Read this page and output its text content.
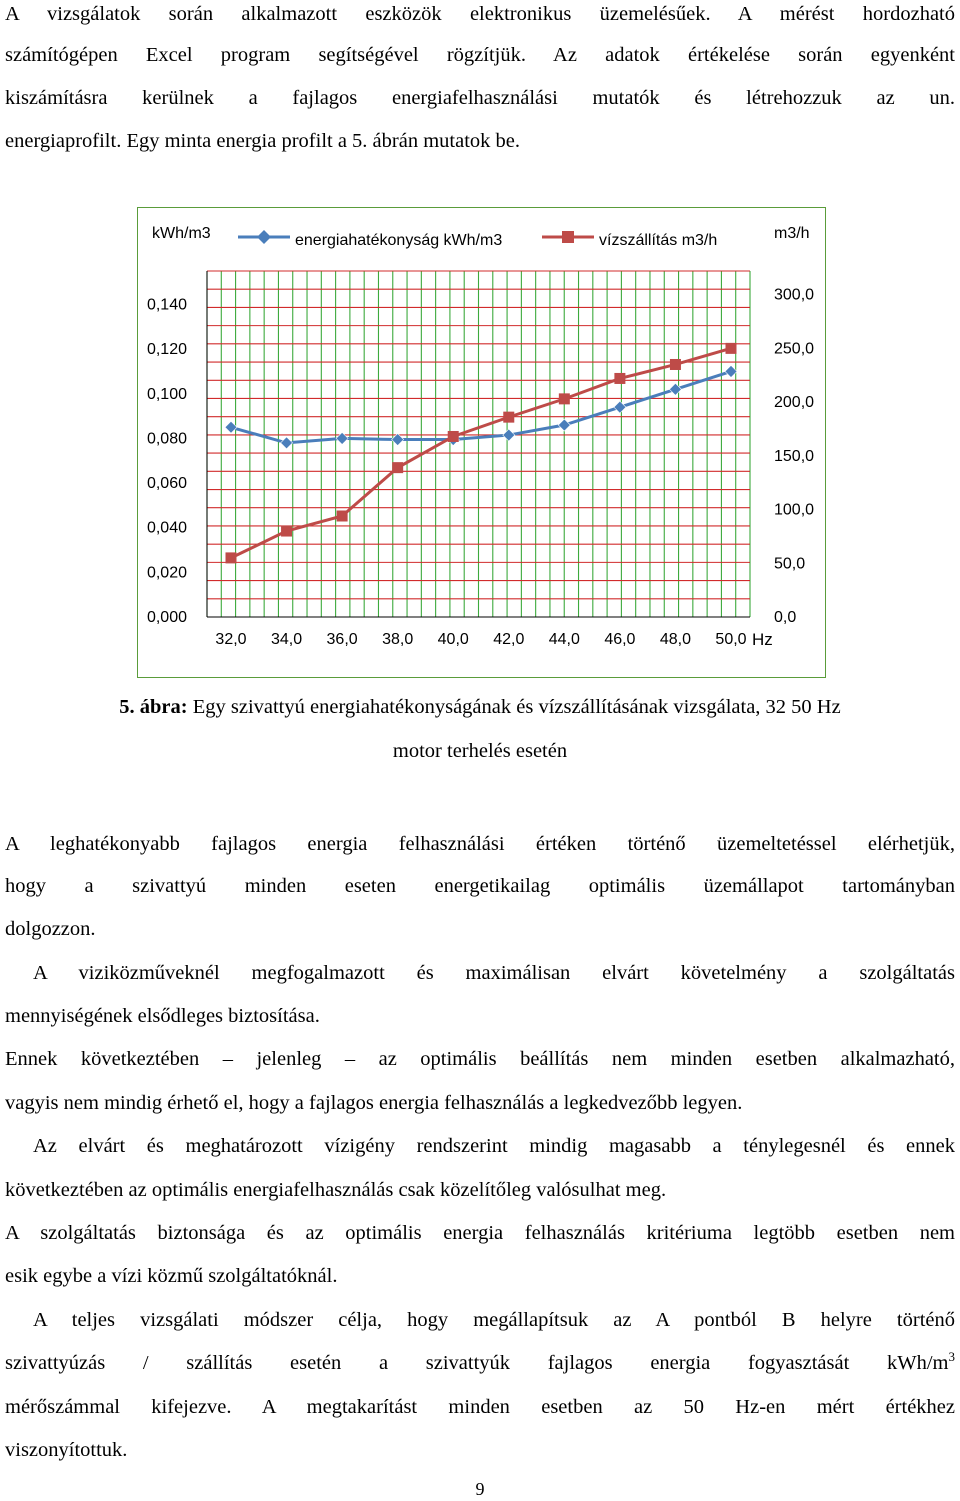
A vizsgálatok során alkalmazott eszközök elektronikus üzemelésűek. A mérést hordozható
számítógépen Excel program segítségével rögzítjük. Az adatok értékelése során egyenként
kiszámításra kerülnek a fajlagos energiafelhasználási mutatók és létrehozzuk az un.
energiaprofilt. Egy minta energia profilt a 5. ábrán mutatok be.
0,000
0,020
0,040
0,060
0,080
0,100
0,120
0,140
0,0
50,0
100,0
150,0
200,0
250,0
300,0
32,0 34,0 36,0 38,0 40,0 42,0 44,0 46,0 48,0 50,0 Hz
kWh/m3	m3/h
energiahatékonyság kWh/m3	vízszállítás m3/h
5. ábra: Egy szivattyú energiahatékonyságának és vízszállításának vizsgálata, 32 50 Hz
motor terhelés esetén
A leghatékonyabb fajlagos energia felhasználási értéken történő üzemeltetéssel elérhetjük,
hogy a szivattyú minden eseten energetikailag optimális üzemállapot tartományban
dolgozzon.
A viziközműveknél megfogalmazott és maximálisan elvárt követelmény a szolgáltatás
mennyiségének elsődleges biztosítása.
Ennek következtében – jelenleg – az optimális beállítás nem minden esetben alkalmazható,
vagyis nem mindig érhető el, hogy a fajlagos energia felhasználás a legkedvezőbb legyen.
Az elvárt és meghatározott vízigény rendszerint mindig magasabb a ténylegesnél és ennek
következtében az optimális energiafelhasználás csak közelítőleg valósulhat meg.
A szolgáltatás biztonsága és az optimális energia felhasználás kritériuma legtöbb esetben nem
esik egybe a vízi közmű szolgáltatóknál.
A teljes vizsgálati módszer célja, hogy megállapítsuk az A pontból B helyre történő
szivattyúzás / szállítás esetén a szivattyúk fajlagos energia fogyasztását kWh/$m^3$
mérőszámmal kifejezve. A megtakarítást minden esetben az 50 Hz-en mért értékhez
viszonyítottuk.
9
